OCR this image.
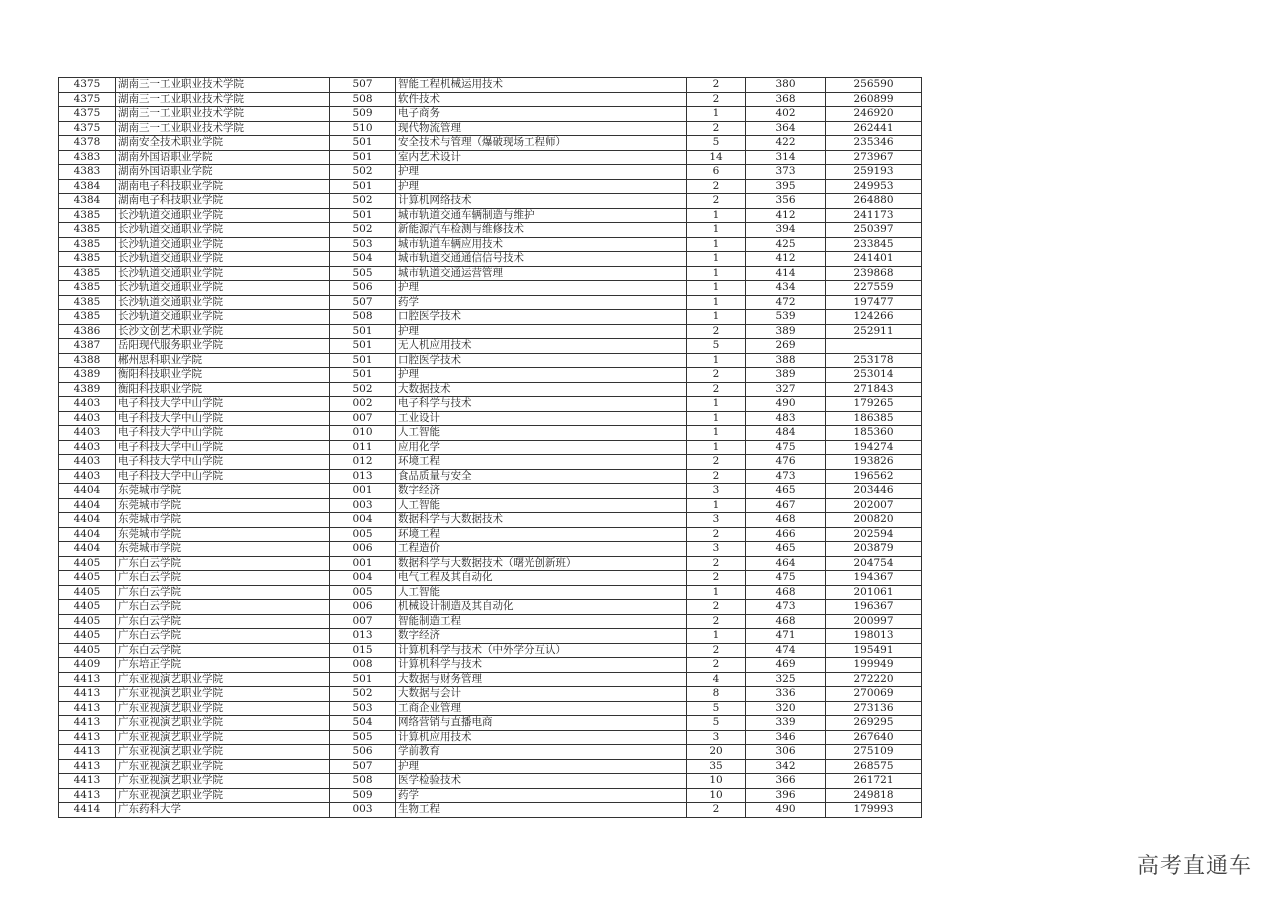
4375	湖南三一工业职业技术学院	507	智能工程机械运用技术	2	380	256590
4375	湖南三一工业职业技术学院	508	软件技术	2	368	260899
4375	湖南三一工业职业技术学院	509	电子商务	1	402	246920
4375	湖南三一工业职业技术学院	510	现代物流管理	2	364	262441
4378	湖南安全技术职业学院	501	安全技术与管理（爆破现场工程师）	5	422	235346
4383	湖南外国语职业学院	501	室内艺术设计	14	314	273967
4383	湖南外国语职业学院	502	护理	6	373	259193
4384	湖南电子科技职业学院	501	护理	2	395	249953
4384	湖南电子科技职业学院	502	计算机网络技术	2	356	264880
4385	长沙轨道交通职业学院	501	城市轨道交通车辆制造与维护	1	412	241173
4385	长沙轨道交通职业学院	502	新能源汽车检测与维修技术	1	394	250397
4385	长沙轨道交通职业学院	503	城市轨道车辆应用技术	1	425	233845
4385	长沙轨道交通职业学院	504	城市轨道交通通信信号技术	1	412	241401
4385	长沙轨道交通职业学院	505	城市轨道交通运营管理	1	414	239868
4385	长沙轨道交通职业学院	506	护理	1	434	227559
4385	长沙轨道交通职业学院	507	药学	1	472	197477
4385	长沙轨道交通职业学院	508	口腔医学技术	1	539	124266
4386	长沙文创艺术职业学院	501	护理	2	389	252911
4387	岳阳现代服务职业学院	501	无人机应用技术	5	269	
4388	郴州思科职业学院	501	口腔医学技术	1	388	253178
4389	衡阳科技职业学院	501	护理	2	389	253014
4389	衡阳科技职业学院	502	大数据技术	2	327	271843
4403	电子科技大学中山学院	002	电子科学与技术	1	490	179265
4403	电子科技大学中山学院	007	工业设计	1	483	186385
4403	电子科技大学中山学院	010	人工智能	1	484	185360
4403	电子科技大学中山学院	011	应用化学	1	475	194274
4403	电子科技大学中山学院	012	环境工程	2	476	193826
4403	电子科技大学中山学院	013	食品质量与安全	2	473	196562
4404	东莞城市学院	001	数字经济	3	465	203446
4404	东莞城市学院	003	人工智能	1	467	202007
4404	东莞城市学院	004	数据科学与大数据技术	3	468	200820
4404	东莞城市学院	005	环境工程	2	466	202594
4404	东莞城市学院	006	工程造价	3	465	203879
4405	广东白云学院	001	数据科学与大数据技术（曙光创新班）	2	464	204754
4405	广东白云学院	004	电气工程及其自动化	2	475	194367
4405	广东白云学院	005	人工智能	1	468	201061
4405	广东白云学院	006	机械设计制造及其自动化	2	473	196367
4405	广东白云学院	007	智能制造工程	2	468	200997
4405	广东白云学院	013	数字经济	1	471	198013
4405	广东白云学院	015	计算机科学与技术（中外学分互认）	2	474	195491
4409	广东培正学院	008	计算机科学与技术	2	469	199949
4413	广东亚视演艺职业学院	501	大数据与财务管理	4	325	272220
4413	广东亚视演艺职业学院	502	大数据与会计	8	336	270069
4413	广东亚视演艺职业学院	503	工商企业管理	5	320	273136
4413	广东亚视演艺职业学院	504	网络营销与直播电商	5	339	269295
4413	广东亚视演艺职业学院	505	计算机应用技术	3	346	267640
4413	广东亚视演艺职业学院	506	学前教育	20	306	275109
4413	广东亚视演艺职业学院	507	护理	35	342	268575
4413	广东亚视演艺职业学院	508	医学检验技术	10	366	261721
4413	广东亚视演艺职业学院	509	药学	10	396	249818
4414	广东药科大学	003	生物工程	2	490	179993
高考直通车
